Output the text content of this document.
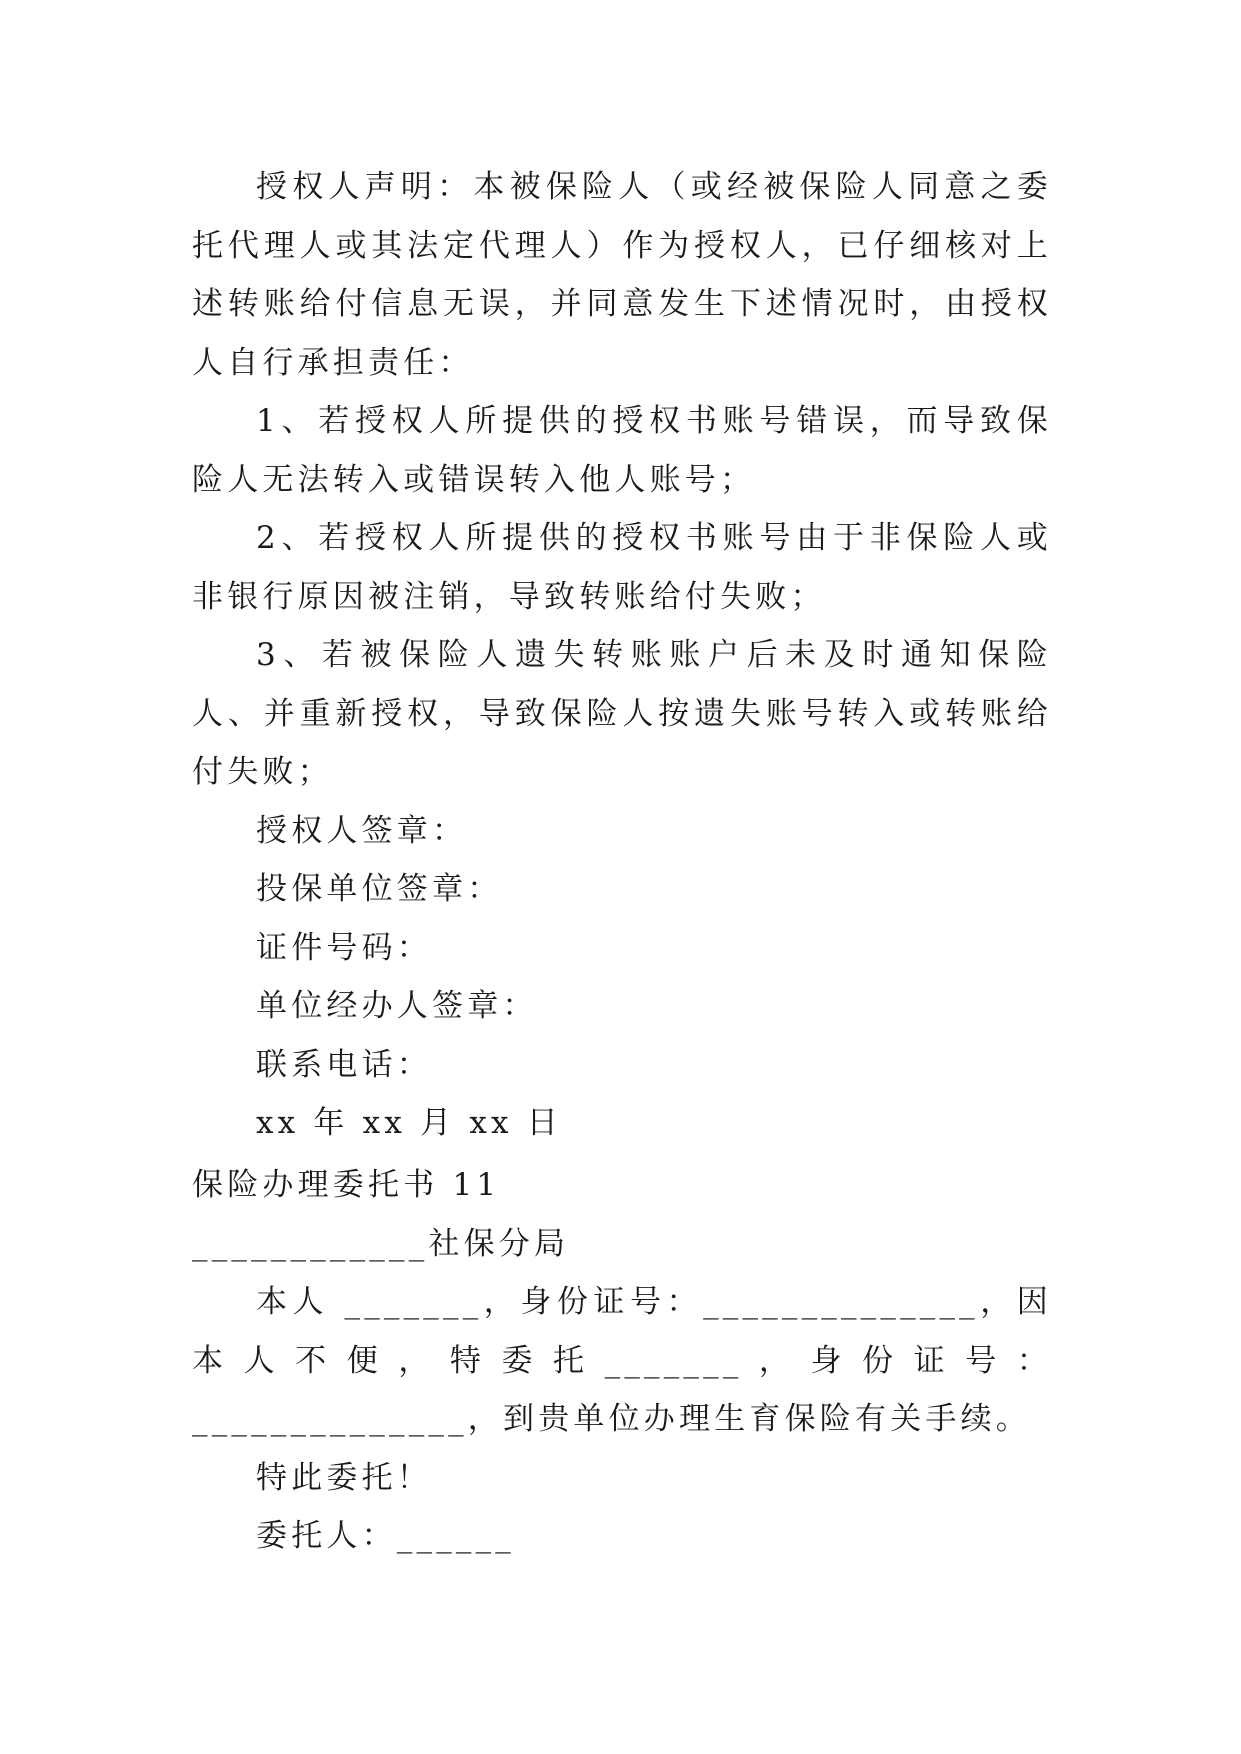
授权人声明：本被保险人（或经被保险人同意之委托代理人或其法定代理人）作为授权人，已仔细核对上述转账给付信息无误，并同意发生下述情况时，由授权人自行承担责任：

1、若授权人所提供的授权书账号错误，而导致保险人无法转入或错误转入他人账号；

2、若授权人所提供的授权书账号由于非保险人或非银行原因被注销，导致转账给付失败；

3、若被保险人遗失转账账户后未及时通知保险人、并重新授权，导致保险人按遗失账号转入或转账给付失败；

授权人签章：

投保单位签章：

证件号码：

单位经办人签章：

联系电话：

xx 年 xx 月 xx 日

保险办理委托书 11

____________社保分局

本人 _______，身份证号：______________，因本人不便，特委托_______，身份证号：______________，到贵单位办理生育保险有关手续。

特此委托！

委托人：______
